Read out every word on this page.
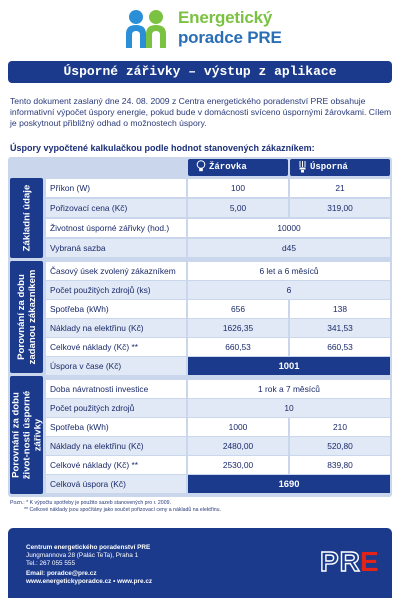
Energetický
poradce PRE
Úsporné zářivky – výstup z aplikace

Tento dokument zaslaný dne 24. 08. 2009 z Centra energetického poradenství PRE obsahuje informativní výpočet úspory energie, pokud bude v domácnosti svíceno úspornými žárovkami. Cílem je poskytnout přibližný odhad o možnostech úspory.

Úspory vypočtené kalkulačkou podle hodnot stanovených zákazníkem:
Žárovka	Úsporná
Základní údaje
Porovnání za dobu zadanou zákazníkem
Porovnání za dobu život-nosti úsporné zářivky
Příkon (W)	100	21
Pořizovací cena (Kč)	5,00	319,00
Životnost úsporné zářivky (hod.)	10000
Vybraná sazba	d45
Časový úsek zvolený zákazníkem	6 let a 6 měsíců
Počet použitých zdrojů (ks)	6
Spotřeba (kWh)	656	138
Náklady na elektřinu (Kč)	1626,35	341,53
Celkové náklady (Kč) **	660,53	660,53
Úspora v čase (Kč)	1001
Doba návratnosti investice	1 rok a 7 měsíců
Počet použitých zdrojů	10
Spotřeba (kWh)	1000	210
Náklady na elektřinu (Kč)	2480,00	520,80
Celkové náklady (Kč) **	2530,00	839,80
Celková úspora (Kč)	1690
Pozn.: * K výpočtu spotřeby je použito sazeb stanovených pro r. 2009.
** Celkové náklady jsou spočítány jako součet pořizovací ceny a nákladů na elektřinu.
Centrum energetického poradenství PRE
Jungmannova 28 (Palác TeTa), Praha 1
Tel.: 267 055 555
Email: poradce@pre.cz
www.energetickyporadce.cz • www.pre.cz
PR E
